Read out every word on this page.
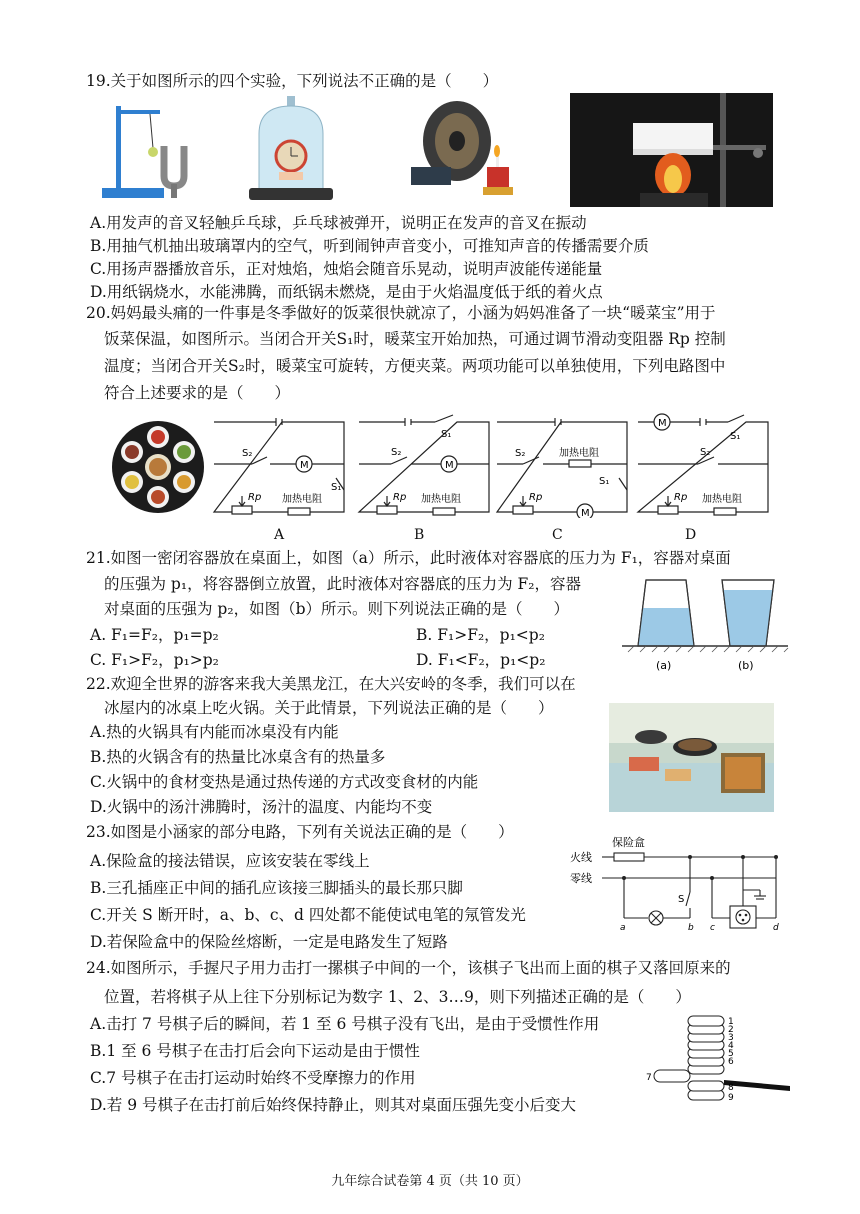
19.关于如图所示的四个实验，下列说法不正确的是（　　）
A.用发声的音叉轻触乒乓球，乒乓球被弹开，说明正在发声的音叉在振动
B.用抽气机抽出玻璃罩内的空气，听到闹钟声音变小，可推知声音的传播需要介质
C.用扬声器播放音乐，正对烛焰，烛焰会随音乐晃动，说明声波能传递能量
D.用纸锅烧水，水能沸腾，而纸锅未燃烧，是由于火焰温度低于纸的着火点
20.妈妈最头痛的一件事是冬季做好的饭菜很快就凉了，小涵为妈妈准备了一块“暖菜宝”用于
饭菜保温，如图所示。当闭合开关S₁时，暖菜宝开始加热，可通过调节滑动变阻器 Rp 控制
温度；当闭合开关S₂时，暖菜宝可旋转，方便夹菜。两项功能可以单独使用，下列电路图中
符合上述要求的是（　　）
S₂
M
S₁
Rp 加热电阻
S₁
S₂
M
Rp 加热电阻
S₂	加热电阻
S₁
Rp
M
M
S₁
S₂
Rp 加热电阻
A	B	C	D
21.如图一密闭容器放在桌面上，如图（a）所示，此时液体对容器底的压力为 F₁，容器对桌面
的压强为 p₁，将容器倒立放置，此时液体对容器底的压力为 F₂，容器
对桌面的压强为 p₂，如图（b）所示。则下列说法正确的是（　　）
A. F₁=F₂，p₁=p₂	B. F₁>F₂，p₁<p₂
C. F₁>F₂，p₁>p₂	D. F₁<F₂，p₁<p₂	(a)	(b)
22.欢迎全世界的游客来我大美黑龙江，在大兴安岭的冬季，我们可以在
冰屋内的冰桌上吃火锅。关于此情景，下列说法正确的是（　　）
A.热的火锅具有内能而冰桌没有内能
B.热的火锅含有的热量比冰桌含有的热量多
C.火锅中的食材变热是通过热传递的方式改变食材的内能
D.火锅中的汤汁沸腾时，汤汁的温度、内能均不变
23.如图是小涵家的部分电路，下列有关说法正确的是（　　）
A.保险盒的接法错误，应该安装在零线上
B.三孔插座正中间的插孔应该接三脚插头的最长那只脚
C.开关 S 断开时，a、b、c、d 四处都不能使试电笔的氖管发光
D.若保险盒中的保险丝熔断，一定是电路发生了短路
保险盒
火线
零线
S
a	b c	d
24.如图所示，手握尺子用力击打一摞棋子中间的一个，该棋子飞出而上面的棋子又落回原来的
位置，若将棋子从上往下分别标记为数字 1、2、3…9，则下列描述正确的是（　　）
A.击打 7 号棋子后的瞬间，若 1 至 6 号棋子没有飞出，是由于受惯性作用
B.1 至 6 号棋子在击打后会向下运动是由于惯性
C.7 号棋子在击打运动时始终不受摩擦力的作用
D.若 9 号棋子在击打前后始终保持静止，则其对桌面压强先变小后变大
1
2
3
4
5
6
7
8
9
九年综合试卷第 4 页（共 10 页）
